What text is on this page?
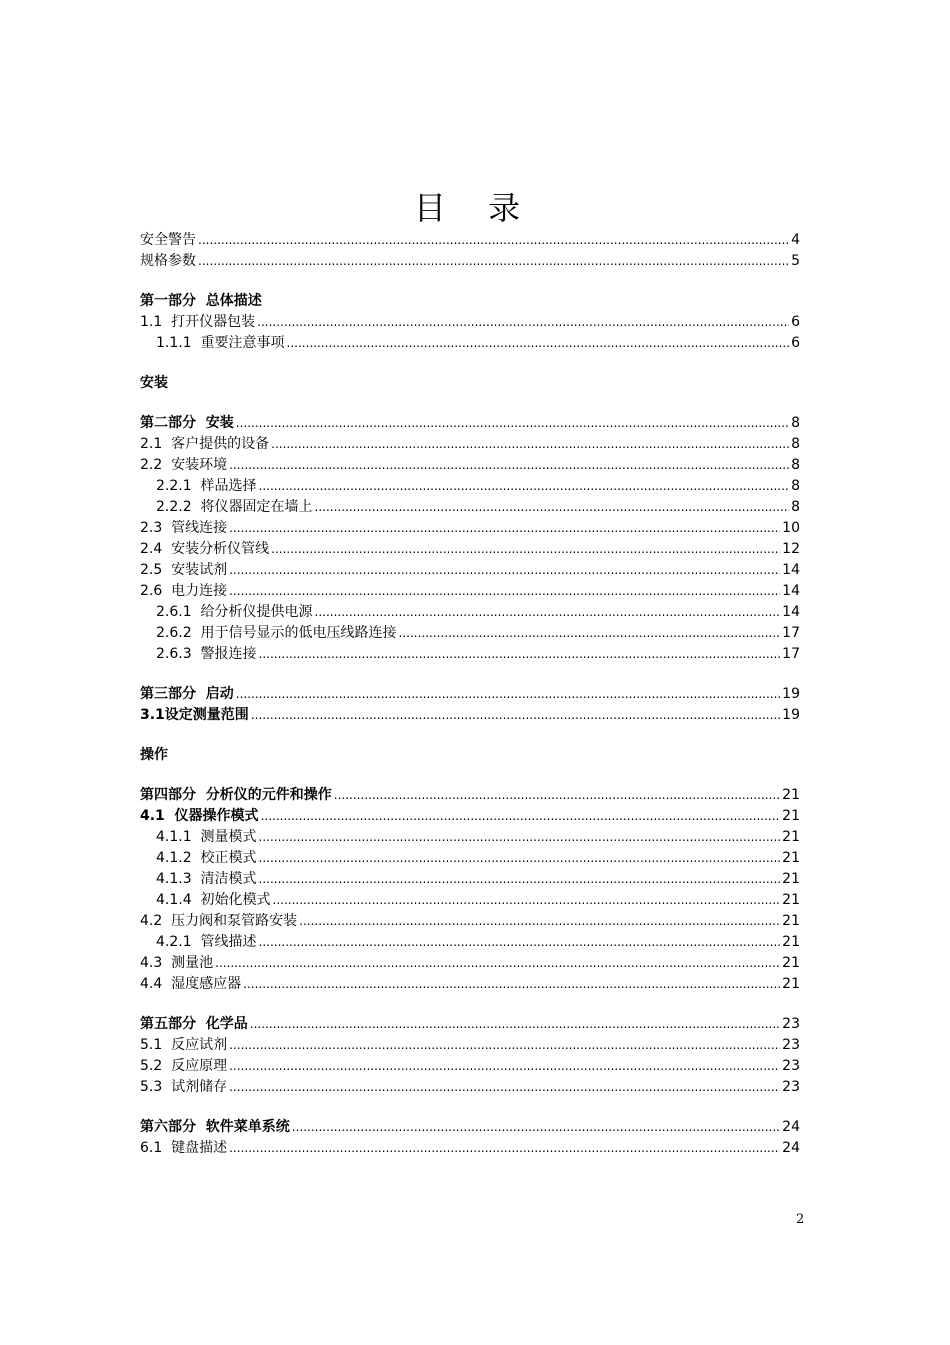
目 录
安全警告 .....	4
规格参数 .....	5
第一部分  总体描述
1.1  打开仪器包装 .....	6
1.1.1  重要注意事项 .....	6
安装
第二部分  安装 .....	8
2.1  客户提供的设备 .....	8
2.2  安装环境 .....	8
2.2.1  样品选择 .....	8
2.2.2  将仪器固定在墙上 .....	8
2.3  管线连接 .....	10
2.4  安装分析仪管线 .....	12
2.5  安装试剂 .....	14
2.6  电力连接 .....	14
2.6.1  给分析仪提供电源 .....	14
2.6.2  用于信号显示的低电压线路连接 .....	17
2.6.3  警报连接 .....	17
第三部分  启动 .....	19
3.1设定测量范围 .....	19
操作
第四部分  分析仪的元件和操作 .....	21
4.1  仪器操作模式 .....	21
4.1.1  测量模式 .....	21
4.1.2  校正模式 .....	21
4.1.3  清洁模式 .....	21
4.1.4  初始化模式 .....	21
4.2  压力阀和泵管路安装 .....	21
4.2.1  管线描述 .....	21
4.3  测量池 .....	21
4.4  湿度感应器 .....	21
第五部分  化学品 .....	23
5.1  反应试剂 .....	23
5.2  反应原理 .....	23
5.3  试剂储存 .....	23
第六部分  软件菜单系统 .....	24
6.1  键盘描述 .....	24
2
